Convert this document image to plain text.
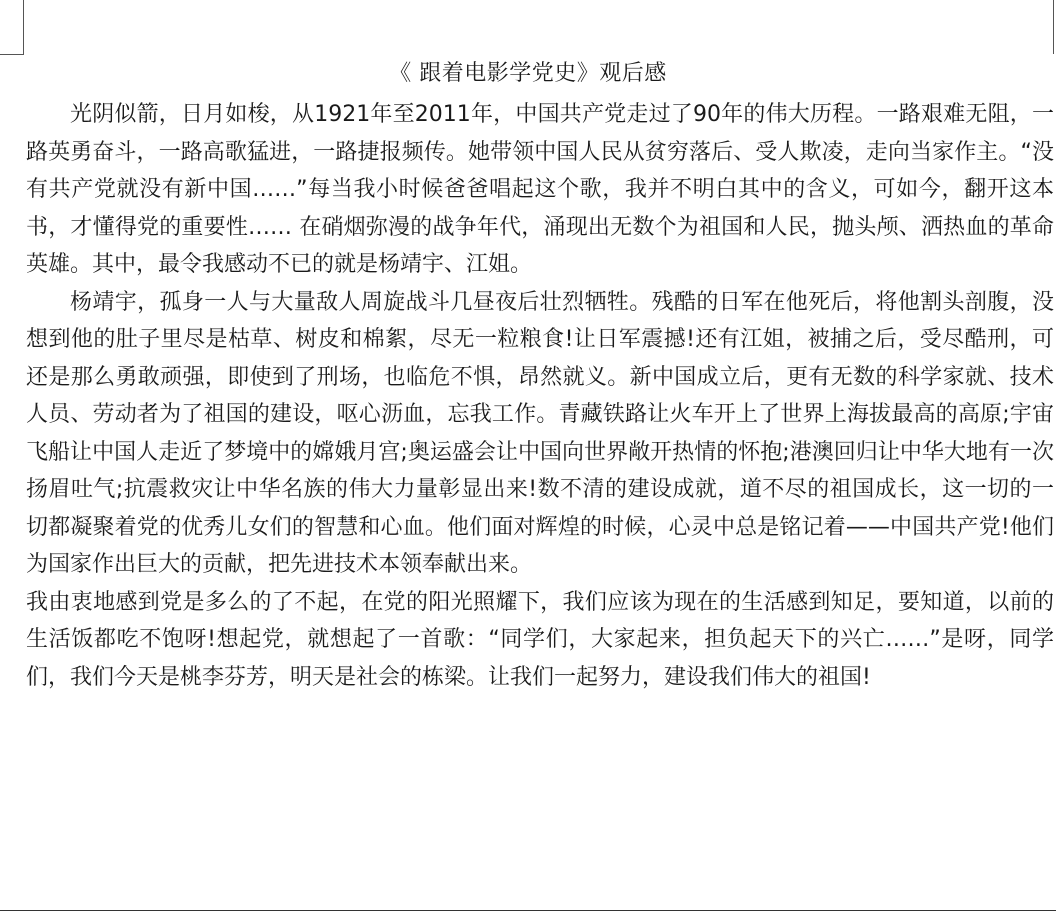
《 跟着电影学党史》观后感

光阴似箭，日月如梭，从1921年至2011年，中国共产党走过了90年的伟大历程。一路艰难无阻，一路英勇奋斗，一路高歌猛进，一路捷报频传。她带领中国人民从贫穷落后、受人欺凌，走向当家作主。“没有共产党就没有新中国……”每当我小时候爸爸唱起这个歌，我并不明白其中的含义，可如今，翻开这本书，才懂得党的重要性…… 在硝烟弥漫的战争年代，涌现出无数个为祖国和人民，抛头颅、洒热血的革命英雄。其中，最令我感动不已的就是杨靖宇、江姐。

杨靖宇，孤身一人与大量敌人周旋战斗几昼夜后壮烈牺牲。残酷的日军在他死后，将他割头剖腹，没想到他的肚子里尽是枯草、树皮和棉絮，尽无一粒粮食!让日军震撼!还有江姐，被捕之后，受尽酷刑，可还是那么勇敢顽强，即使到了刑场，也临危不惧，昂然就义。新中国成立后，更有无数的科学家就、技术人员、劳动者为了祖国的建设，呕心沥血，忘我工作。青藏铁路让火车开上了世界上海拔最高的高原;宇宙飞船让中国人走近了梦境中的嫦娥月宫;奥运盛会让中国向世界敞开热情的怀抱;港澳回归让中华大地有一次扬眉吐气;抗震救灾让中华名族的伟大力量彰显出来!数不清的建设成就，道不尽的祖国成长，这一切的一切都凝聚着党的优秀儿女们的智慧和心血。他们面对辉煌的时候，心灵中总是铭记着——中国共产党!他们为国家作出巨大的贡献，把先进技术本领奉献出来。

我由衷地感到党是多么的了不起，在党的阳光照耀下，我们应该为现在的生活感到知足，要知道，以前的生活饭都吃不饱呀!想起党，就想起了一首歌：“同学们，大家起来，担负起天下的兴亡……”是呀，同学们，我们今天是桃李芬芳，明天是社会的栋梁。让我们一起努力，建设我们伟大的祖国!
